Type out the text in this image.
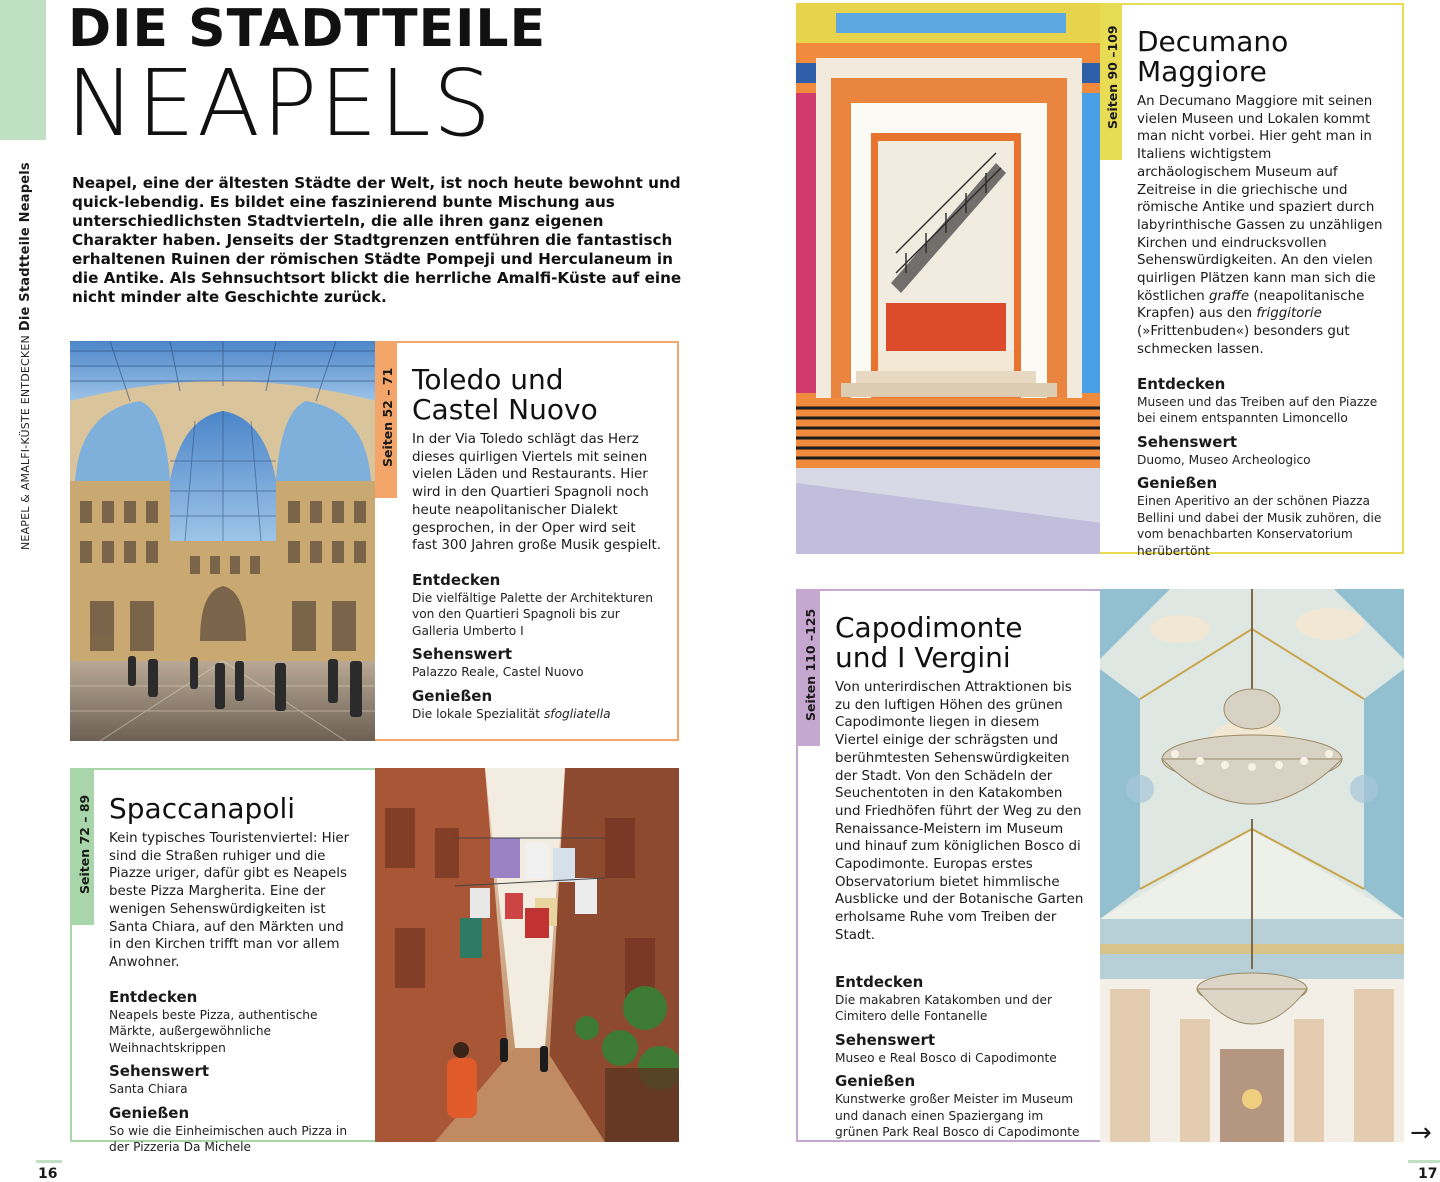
NEAPEL & AMALFI-KÜSTE ENTDECKEN
Die Stadtteile Neapels
DIE STADTTEILE
NEAPELS
Neapel, eine der ältesten Städte der Welt, ist noch heute bewohnt und quick-lebendig. Es bildet eine faszinierend bunte Mischung aus unterschiedlichsten Stadtvierteln, die alle ihren ganz eigenen Charakter haben. Jenseits der Stadtgrenzen entführen die fantastisch erhaltenen Ruinen der römischen Städte Pompeji und Herculaneum in die Antike. Als Sehnsuchtsort blickt die herrliche Amalfi-Küste auf eine nicht minder alte Geschichte zurück.
Seiten 52 – 71 Toledo und
Castel Nuovo
In der Via Toledo schlägt das Herz dieses quirligen Viertels mit seinen vielen Läden und Restaurants. Hier wird in den Quartieri Spagnoli noch heute neapolitanischer Dialekt gesprochen, in der Oper wird seit fast 300 Jahren große Musik gespielt.
Entdecken
Die vielfältige Palette der Architekturen von den Quartieri Spagnoli bis zur Galleria Umberto I
Sehenswert
Palazzo Reale, Castel Nuovo
Genießen
Die lokale Spezialität sfogliatella
Seiten 72 – 89 Spaccanapoli
Kein typisches Touristenviertel: Hier sind die Straßen ruhiger und die Piazze uriger, dafür gibt es Neapels beste Pizza Margherita. Eine der wenigen Sehenswürdigkeiten ist Santa Chiara, auf den Märkten und in den Kirchen trifft man vor allem Anwohner.
Entdecken
Neapels beste Pizza, authentische Märkte, außergewöhnliche Weihnachtskrippen
Sehenswert
Santa Chiara
Genießen
So wie die Einheimischen auch Pizza in der Pizzeria Da Michele
Seiten 90 –109 Decumano
Maggiore
An Decumano Maggiore mit seinen vielen Museen und Lokalen kommt man nicht vorbei. Hier geht man in Italiens wichtigstem archäologischem Museum auf Zeitreise in die griechische und römische Antike und spaziert durch labyrinthische Gassen zu unzähligen Kirchen und eindrucksvollen Sehenswürdigkeiten. An den vielen quirligen Plätzen kann man sich die köstlichen graffe (neapolitanische Krapfen) aus den friggitorie (»Frittenbuden«) besonders gut schmecken lassen.
Entdecken
Museen und das Treiben auf den Piazze bei einem entspannten Limoncello
Sehenswert
Duomo, Museo Archeologico
Genießen
Einen Aperitivo an der schönen Piazza Bellini und dabei der Musik zuhören, die vom benachbarten Konservatorium herübertönt
Seiten 110 –125 Capodimonte
und I Vergini
Von unterirdischen Attraktionen bis zu den luftigen Höhen des grünen Capodimonte liegen in diesem Viertel einige der schrägsten und berühmtesten Sehenswürdigkeiten der Stadt. Von den Schädeln der Seuchentoten in den Katakomben und Friedhöfen führt der Weg zu den Renaissance-Meistern im Museum und hinauf zum königlichen Bosco di Capodimonte. Europas erstes Observatorium bietet himmlische Ausblicke und der Botanische Garten erholsame Ruhe vom Treiben der Stadt.
Entdecken
Die makabren Katakomben und der Cimitero delle Fontanelle
Sehenswert
Museo e Real Bosco di Capodimonte
Genießen
Kunstwerke großer Meister im Museum und danach einen Spaziergang im grünen Park Real Bosco di Capodimonte
16	17
→
